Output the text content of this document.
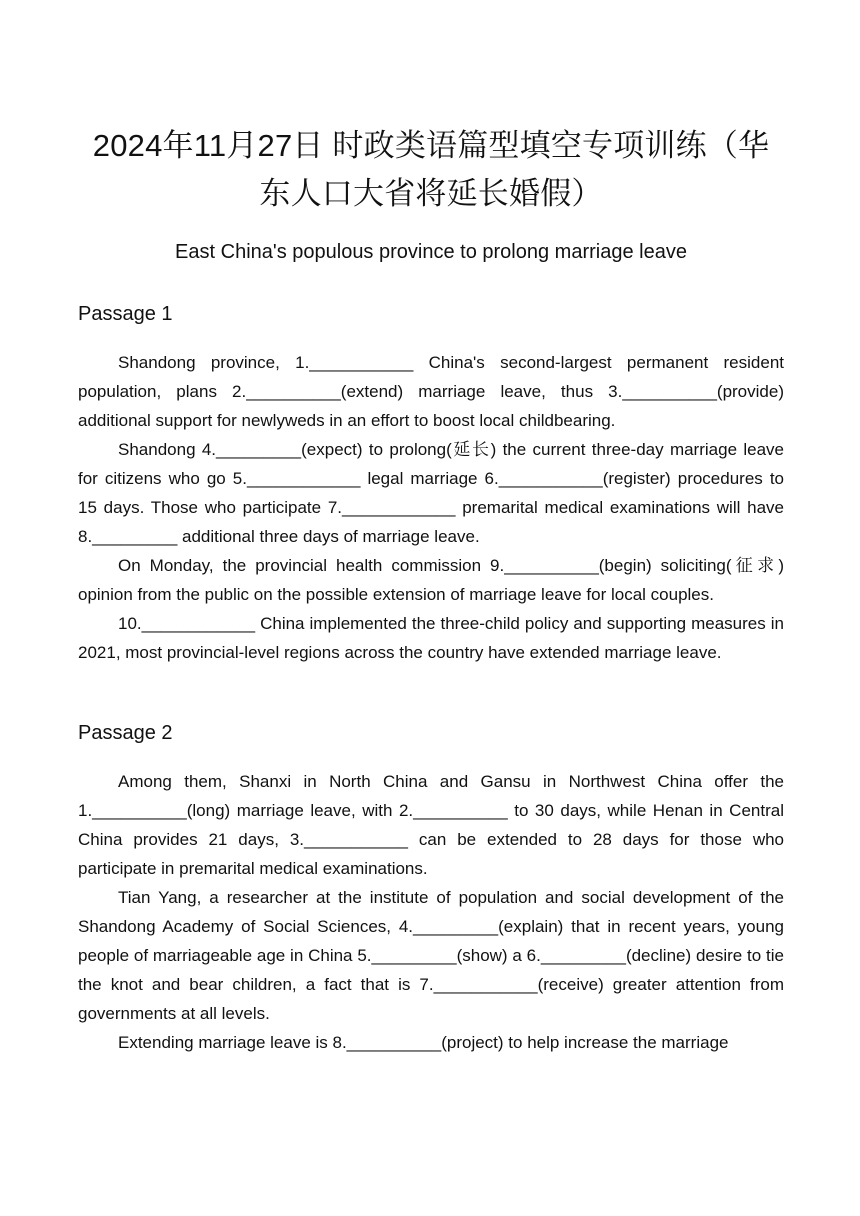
2024年11月27日 时政类语篇型填空专项训练（华东人口大省将延长婚假）
East China's populous province to prolong marriage leave
Passage 1

Shandong province, 1.___________ China's second-largest permanent resident population, plans 2.__________(extend) marriage leave, thus 3.__________(provide) additional support for newlyweds in an effort to boost local childbearing.

Shandong 4._________(expect) to prolong(延长) the current three-day marriage leave for citizens who go 5.____________ legal marriage 6.___________(register) procedures to 15 days. Those who participate 7.____________ premarital medical examinations will have 8._________ additional three days of marriage leave.

On Monday, the provincial health commission 9.__________(begin) soliciting(征求) opinion from the public on the possible extension of marriage leave for local couples.

10.____________ China implemented the three-child policy and supporting measures in 2021, most provincial-level regions across the country have extended marriage leave.

Passage 2

Among them, Shanxi in North China and Gansu in Northwest China offer the 1.__________(long) marriage leave, with 2.__________ to 30 days, while Henan in Central China provides 21 days, 3.___________ can be extended to 28 days for those who participate in premarital medical examinations.

Tian Yang, a researcher at the institute of population and social development of the Shandong Academy of Social Sciences, 4._________(explain) that in recent years, young people of marriageable age in China 5._________(show) a 6._________(decline) desire to tie the knot and bear children, a fact that is 7.___________(receive) greater attention from governments at all levels.

Extending marriage leave is 8.__________(project) to help increase the marriage
